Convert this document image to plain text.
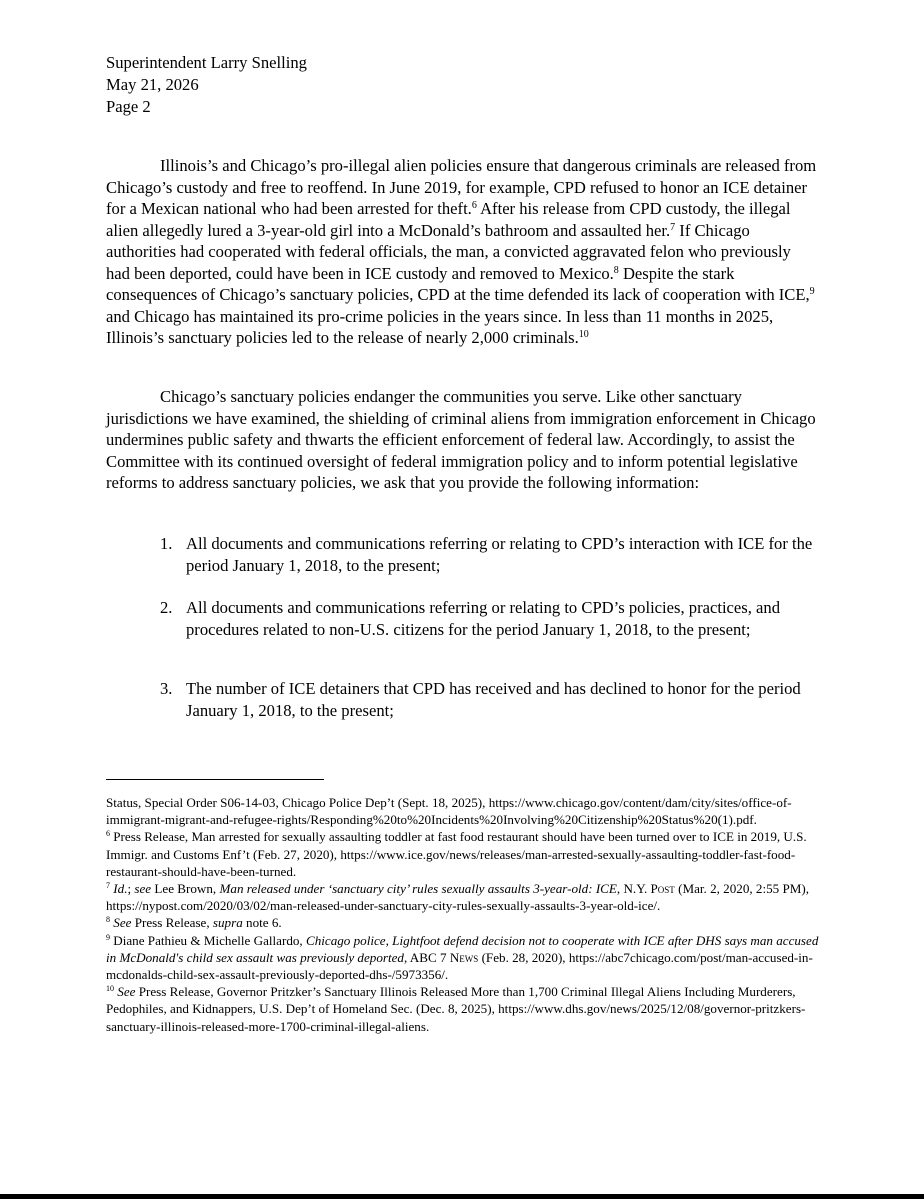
Superintendent Larry Snelling
May 21, 2026
Page 2

Illinois’s and Chicago’s pro-illegal alien policies ensure that dangerous criminals are released from Chicago’s custody and free to reoffend. In June 2019, for example, CPD refused to honor an ICE detainer for a Mexican national who had been arrested for theft.$^6$ After his release from CPD custody, the illegal alien allegedly lured a 3-year-old girl into a McDonald’s bathroom and assaulted her.$^7$ If Chicago authorities had cooperated with federal officials, the man, a convicted aggravated felon who previously had been deported, could have been in ICE custody and removed to Mexico.$^8$ Despite the stark consequences of Chicago’s sanctuary policies, CPD at the time defended its lack of cooperation with ICE,$^9$ and Chicago has maintained its pro-crime policies in the years since. In less than 11 months in 2025, Illinois’s sanctuary policies led to the release of nearly 2,000 criminals.$^{10}$

Chicago’s sanctuary policies endanger the communities you serve. Like other sanctuary jurisdictions we have examined, the shielding of criminal aliens from immigration enforcement in Chicago undermines public safety and thwarts the efficient enforcement of federal law. Accordingly, to assist the Committee with its continued oversight of federal immigration policy and to inform potential legislative reforms to address sanctuary policies, we ask that you provide the following information:

1. All documents and communications referring or relating to CPD’s interaction with ICE for the period January 1, 2018, to the present;
2. All documents and communications referring or relating to CPD’s policies, practices, and procedures related to non-U.S. citizens for the period January 1, 2018, to the present;
3. The number of ICE detainers that CPD has received and has declined to honor for the period January 1, 2018, to the present;

Status, Special Order S06-14-03, Chicago Police Dep’t (Sept. 18, 2025), https://www.chicago.gov/content/dam/city/sites/office-of-immigrant-migrant-and-refugee-rights/Responding%20to%20Incidents%20Involving%20Citizenship%20Status%20(1).pdf.

$^6$ Press Release, Man arrested for sexually assaulting toddler at fast food restaurant should have been turned over to ICE in 2019, U.S. Immigr. and Customs Enf’t (Feb. 27, 2020), https://www.ice.gov/news/releases/man-arrested-sexually-assaulting-toddler-fast-food-restaurant-should-have-been-turned.

$^7$ Id.; see Lee Brown, Man released under ‘sanctuary city’ rules sexually assaults 3-year-old: ICE, N.Y. Post (Mar. 2, 2020, 2:55 PM), https://nypost.com/2020/03/02/man-released-under-sanctuary-city-rules-sexually-assaults-3-year-old-ice/.

$^8$ See Press Release, supra note 6.

$^9$ Diane Pathieu & Michelle Gallardo, Chicago police, Lightfoot defend decision not to cooperate with ICE after DHS says man accused in McDonald's child sex assault was previously deported, ABC 7 News (Feb. 28, 2020), https://abc7chicago.com/post/man-accused-in-mcdonalds-child-sex-assault-previously-deported-dhs-/5973356/.

$^{10}$ See Press Release, Governor Pritzker’s Sanctuary Illinois Released More than 1,700 Criminal Illegal Aliens Including Murderers, Pedophiles, and Kidnappers, U.S. Dep’t of Homeland Sec. (Dec. 8, 2025), https://www.dhs.gov/news/2025/12/08/governor-pritzkers-sanctuary-illinois-released-more-1700-criminal-illegal-aliens.
